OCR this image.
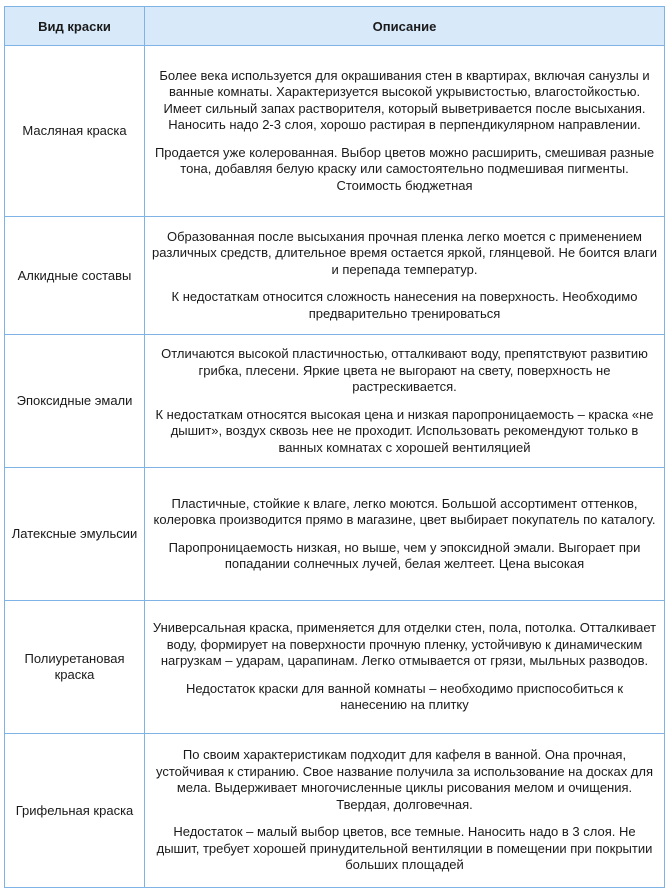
Вид краски	Описание
Масляная краска	Более века используется для окрашивания стен в квартирах, включая санузлы и ванные комнаты. Характеризуется высокой укрывистостью, влагостойкостью. Имеет сильный запах растворителя, который выветривается после высыхания. Наносить надо 2-3 слоя, хорошо растирая в перпендикулярном направлении.

Продается уже колерованная. Выбор цветов можно расширить, смешивая разные тона, добавляя белую краску или самостоятельно подмешивая пигменты. Стоимость бюджетная

Алкидные составы	Образованная после высыхания прочная пленка легко моется с применением различных средств, длительное время остается яркой, глянцевой. Не боится влаги и перепада температур.

К недостаткам относится сложность нанесения на поверхность. Необходимо предварительно тренироваться

Эпоксидные эмали	Отличаются высокой пластичностью, отталкивают воду, препятствуют развитию грибка, плесени. Яркие цвета не выгорают на свету, поверхность не растрескивается.

К недостаткам относятся высокая цена и низкая паропроницаемость – краска «не дышит», воздух сквозь нее не проходит. Использовать рекомендуют только в ванных комнатах с хорошей вентиляцией

Латексные эмульсии	Пластичные, стойкие к влаге, легко моются. Большой ассортимент оттенков, колеровка производится прямо в магазине, цвет выбирает покупатель по каталогу.

Паропроницаемость низкая, но выше, чем у эпоксидной эмали. Выгорает при попадании солнечных лучей, белая желтеет. Цена высокая

Полиуретановая краска	Универсальная краска, применяется для отделки стен, пола, потолка. Отталкивает воду, формирует на поверхности прочную пленку, устойчивую к динамическим нагрузкам – ударам, царапинам. Легко отмывается от грязи, мыльных разводов.

Недостаток краски для ванной комнаты – необходимо приспособиться к нанесению на плитку

Грифельная краска	По своим характеристикам подходит для кафеля в ванной. Она прочная, устойчивая к стиранию. Свое название получила за использование на досках для мела. Выдерживает многочисленные циклы рисования мелом и очищения. Твердая, долговечная.

Недостаток – малый выбор цветов, все темные. Наносить надо в 3 слоя. Не дышит, требует хорошей принудительной вентиляции в помещении при покрытии больших площадей
